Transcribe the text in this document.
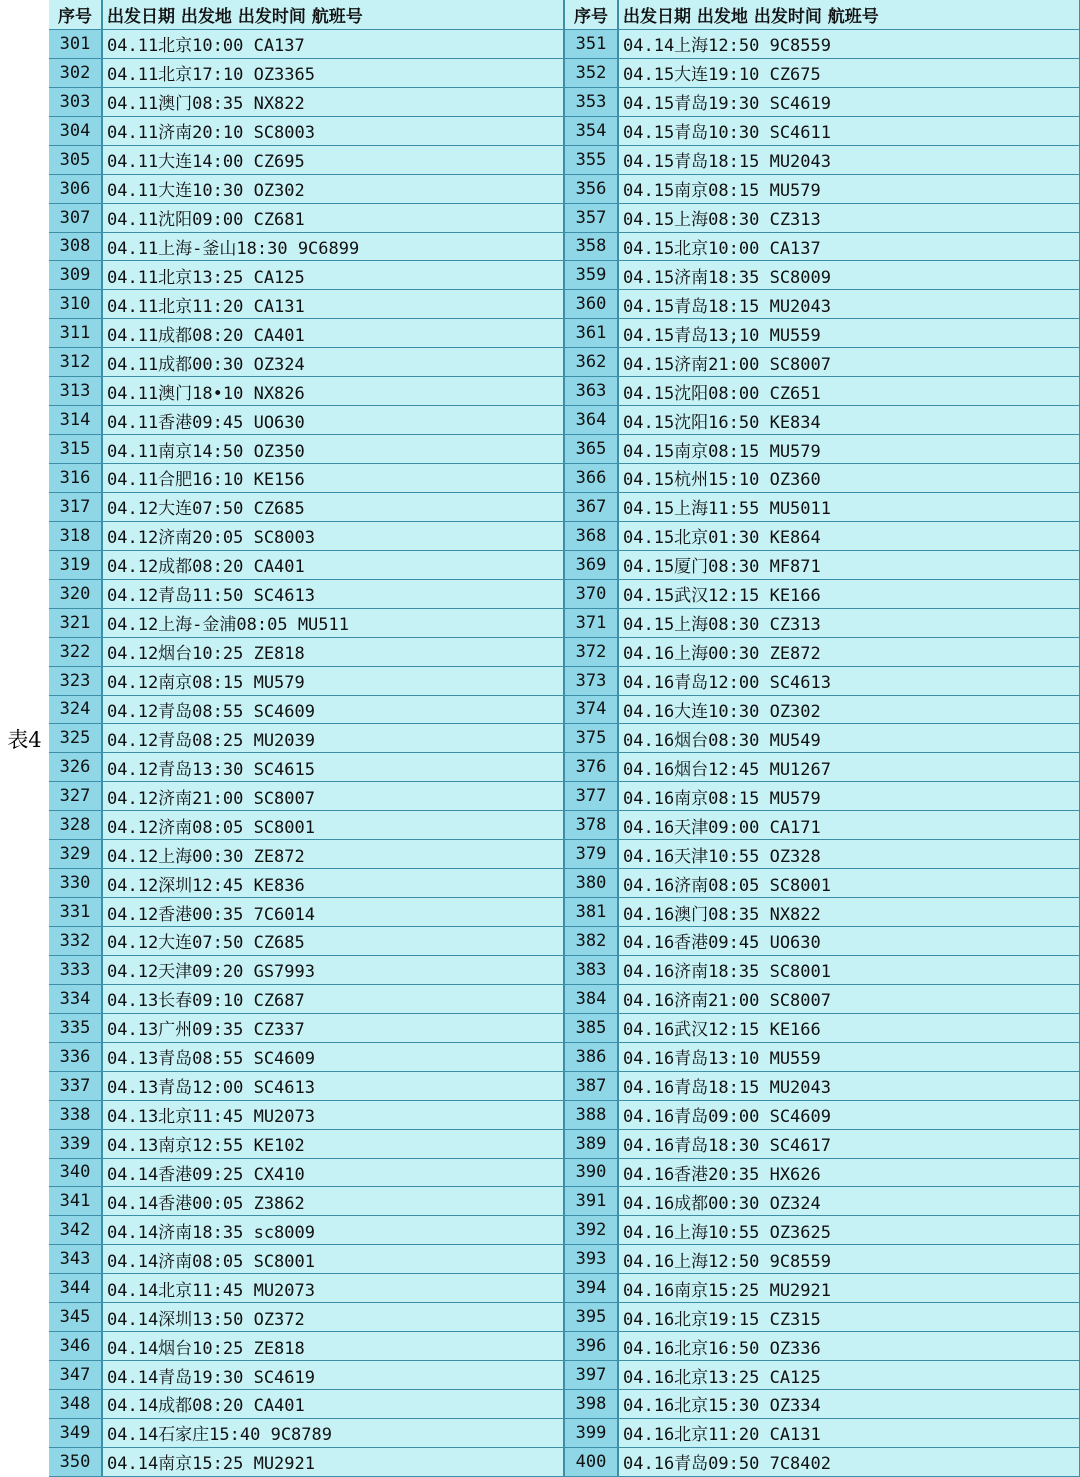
表4
序号 出发日期 出发地 出发时间 航班号
301 04.11北京10:00 CA137
302 04.11北京17:10 OZ3365
303 04.11澳门08:35 NX822
304 04.11济南20:10 SC8003
305 04.11大连14:00 CZ695
306 04.11大连10:30 OZ302
307 04.11沈阳09:00 CZ681
308 04.11上海-釜山18:30 9C6899
309 04.11北京13:25 CA125
310 04.11北京11:20 CA131
311 04.11成都08:20 CA401
312 04.11成都00:30 OZ324
313 04.11澳门18•10 NX826
314 04.11香港09:45 UO630
315 04.11南京14:50 OZ350
316 04.11合肥16:10 KE156
317 04.12大连07:50 CZ685
318 04.12济南20:05 SC8003
319 04.12成都08:20 CA401
320 04.12青岛11:50 SC4613
321 04.12上海-金浦08:05 MU511
322 04.12烟台10:25 ZE818
323 04.12南京08:15 MU579
324 04.12青岛08:55 SC4609
325 04.12青岛08:25 MU2039
326 04.12青岛13:30 SC4615
327 04.12济南21:00 SC8007
328 04.12济南08:05 SC8001
329 04.12上海00:30 ZE872
330 04.12深圳12:45 KE836
331 04.12香港00:35 7C6014
332 04.12大连07:50 CZ685
333 04.12天津09:20 GS7993
334 04.13长春09:10 CZ687
335 04.13广州09:35 CZ337
336 04.13青岛08:55 SC4609
337 04.13青岛12:00 SC4613
338 04.13北京11:45 MU2073
339 04.13南京12:55 KE102
340 04.14香港09:25 CX410
341 04.14香港00:05 Z3862
342 04.14济南18:35 sc8009
343 04.14济南08:05 SC8001
344 04.14北京11:45 MU2073
345 04.14深圳13:50 OZ372
346 04.14烟台10:25 ZE818
347 04.14青岛19:30 SC4619
348 04.14成都08:20 CA401
349 04.14石家庄15:40 9C8789
350 04.14南京15:25 MU2921
序号 出发日期 出发地 出发时间 航班号
351 04.14上海12:50 9C8559
352 04.15大连19:10 CZ675
353 04.15青岛19:30 SC4619
354 04.15青岛10:30 SC4611
355 04.15青岛18:15 MU2043
356 04.15南京08:15 MU579
357 04.15上海08:30 CZ313
358 04.15北京10:00 CA137
359 04.15济南18:35 SC8009
360 04.15青岛18:15 MU2043
361 04.15青岛13;10 MU559
362 04.15济南21:00 SC8007
363 04.15沈阳08:00 CZ651
364 04.15沈阳16:50 KE834
365 04.15南京08:15 MU579
366 04.15杭州15:10 OZ360
367 04.15上海11:55 MU5011
368 04.15北京01:30 KE864
369 04.15厦门08:30 MF871
370 04.15武汉12:15 KE166
371 04.15上海08:30 CZ313
372 04.16上海00:30 ZE872
373 04.16青岛12:00 SC4613
374 04.16大连10:30 OZ302
375 04.16烟台08:30 MU549
376 04.16烟台12:45 MU1267
377 04.16南京08:15 MU579
378 04.16天津09:00 CA171
379 04.16天津10:55 OZ328
380 04.16济南08:05 SC8001
381 04.16澳门08:35 NX822
382 04.16香港09:45 UO630
383 04.16济南18:35 SC8001
384 04.16济南21:00 SC8007
385 04.16武汉12:15 KE166
386 04.16青岛13:10 MU559
387 04.16青岛18:15 MU2043
388 04.16青岛09:00 SC4609
389 04.16青岛18:30 SC4617
390 04.16香港20:35 HX626
391 04.16成都00:30 OZ324
392 04.16上海10:55 OZ3625
393 04.16上海12:50 9C8559
394 04.16南京15:25 MU2921
395 04.16北京19:15 CZ315
396 04.16北京16:50 OZ336
397 04.16北京13:25 CA125
398 04.16北京15:30 OZ334
399 04.16北京11:20 CA131
400 04.16青岛09:50 7C8402
